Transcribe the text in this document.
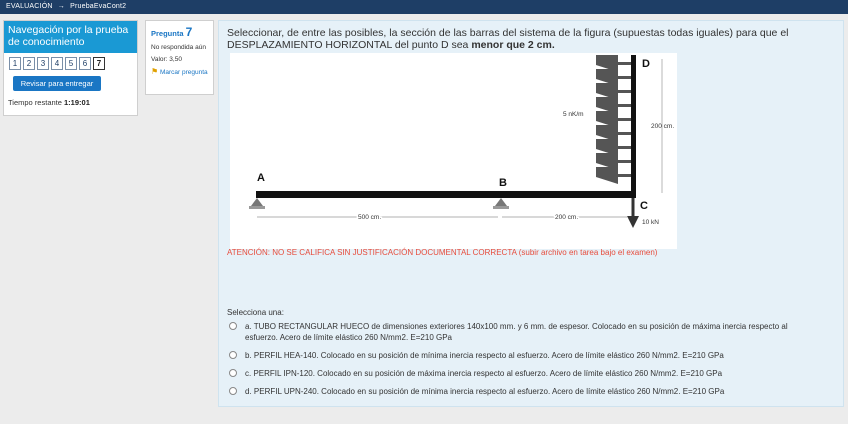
EVALUACIÓN → PruebaEvaCont2
Navegación por la prueba de conocimiento
1	2	3	4	5	6	7
Revisar para entregar
Tiempo restante 1:19:01
Pregunta 7
No respondida aún
Valor: 3,50
⚑ Marcar pregunta
Seleccionar, de entre las posibles, la sección de las barras del sistema de la figura (supuestas todas iguales) para que el DESPLAZAMIENTO HORIZONTAL del punto D sea menor que 2 cm.
A	B
C
D
5 nK/m
200 cm.
500 cm.	200 cm.
10 kN
ATENCIÓN: NO SE CALIFICA SIN JUSTIFICACIÓN DOCUMENTAL CORRECTA (subir archivo en tarea bajo el examen)
Selecciona una:
a. TUBO RECTANGULAR HUECO de dimensiones exteriores 140x100 mm. y 6 mm. de espesor. Colocado en su posición de máxima inercia respecto al esfuerzo. Acero de límite elástico 260 N/mm2. E=210 GPa
b. PERFIL HEA-140. Colocado en su posición de mínima inercia respecto al esfuerzo. Acero de límite elástico 260 N/mm2. E=210 GPa
c. PERFIL IPN-120. Colocado en su posición de máxima inercia respecto al esfuerzo. Acero de límite elástico 260 N/mm2. E=210 GPa
d. PERFIL UPN-240. Colocado en su posición de mínima inercia respecto al esfuerzo. Acero de límite elástico 260 N/mm2. E=210 GPa
